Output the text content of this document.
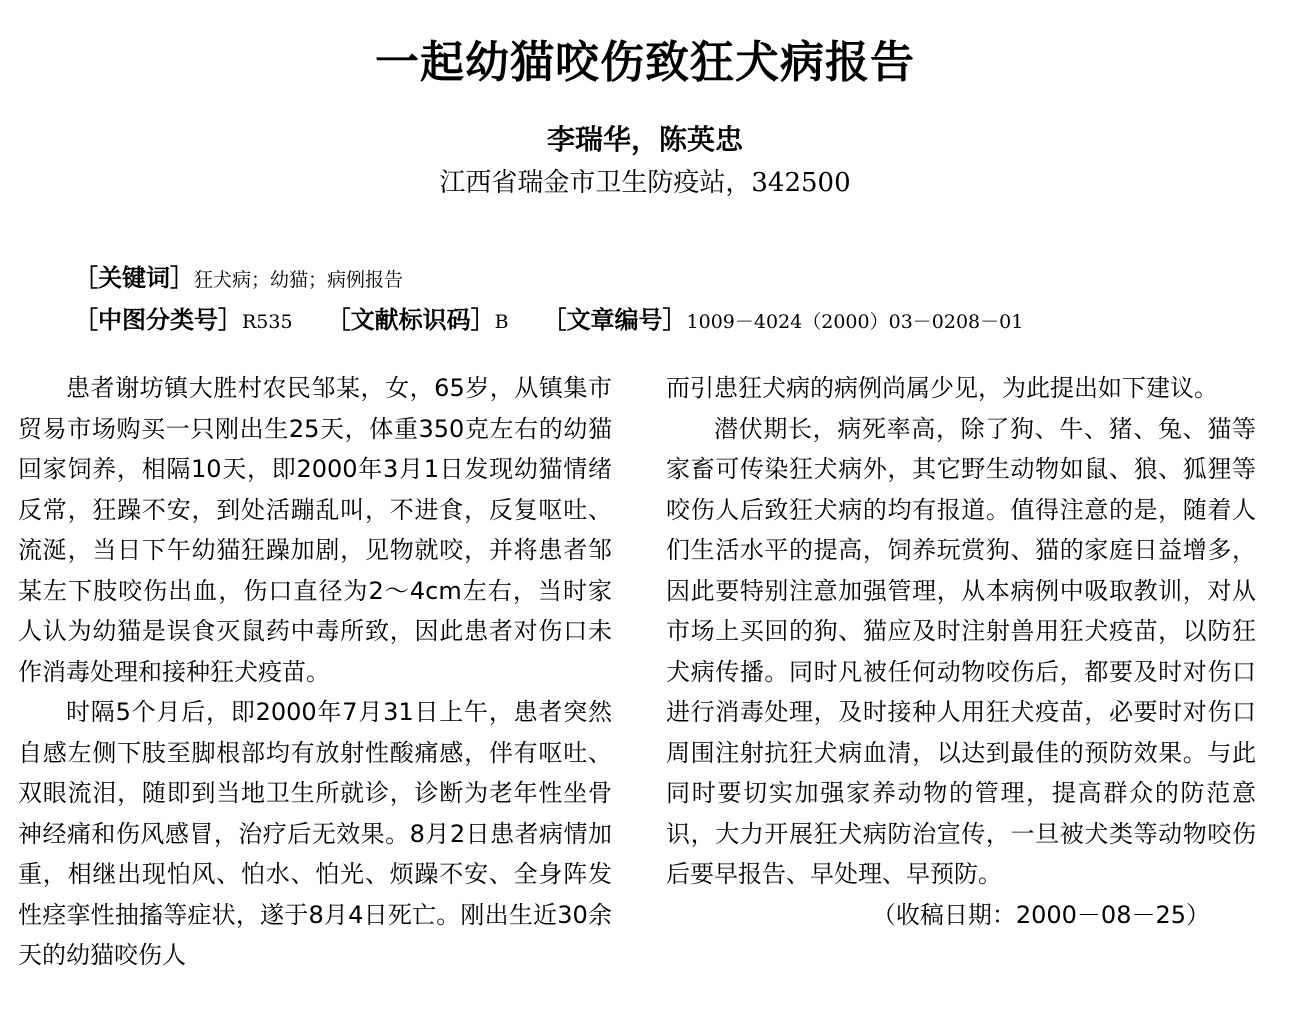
一起幼猫咬伤致狂犬病报告
李瑞华，陈英忠
江西省瑞金市卫生防疫站，342500
［关键词］狂犬病；幼猫；病例报告
［中图分类号］R535 ［文献标识码］B ［文章编号］1009－4024（2000）03－0208－01

患者谢坊镇大胜村农民邹某，女，65岁，从镇集市贸易市场购买一只刚出生25天，体重350克左右的幼猫回家饲养，相隔10天，即2000年3月1日发现幼猫情绪反常，狂躁不安，到处活蹦乱叫，不进食，反复呕吐、流涎，当日下午幼猫狂躁加剧，见物就咬，并将患者邹某左下肢咬伤出血，伤口直径为2～4cm左右，当时家人认为幼猫是误食灭鼠药中毒所致，因此患者对伤口未作消毒处理和接种狂犬疫苗。

时隔5个月后，即2000年7月31日上午，患者突然自感左侧下肢至脚根部均有放射性酸痛感，伴有呕吐、双眼流泪，随即到当地卫生所就诊，诊断为老年性坐骨神经痛和伤风感冒，治疗后无效果。8月2日患者病情加重，相继出现怕风、怕水、怕光、烦躁不安、全身阵发性痉挛性抽搐等症状，遂于8月4日死亡。刚出生近30余天的幼猫咬伤人

而引患狂犬病的病例尚属少见，为此提出如下建议。

潜伏期长，病死率高，除了狗、牛、猪、兔、猫等家畜可传染狂犬病外，其它野生动物如鼠、狼、狐狸等咬伤人后致狂犬病的均有报道。值得注意的是，随着人们生活水平的提高，饲养玩赏狗、猫的家庭日益增多，因此要特别注意加强管理，从本病例中吸取教训，对从市场上买回的狗、猫应及时注射兽用狂犬疫苗，以防狂犬病传播。同时凡被任何动物咬伤后，都要及时对伤口进行消毒处理，及时接种人用狂犬疫苗，必要时对伤口周围注射抗狂犬病血清，以达到最佳的预防效果。与此同时要切实加强家养动物的管理，提高群众的防范意识，大力开展狂犬病防治宣传，一旦被犬类等动物咬伤后要早报告、早处理、早预防。

（收稿日期：2000－08－25）
